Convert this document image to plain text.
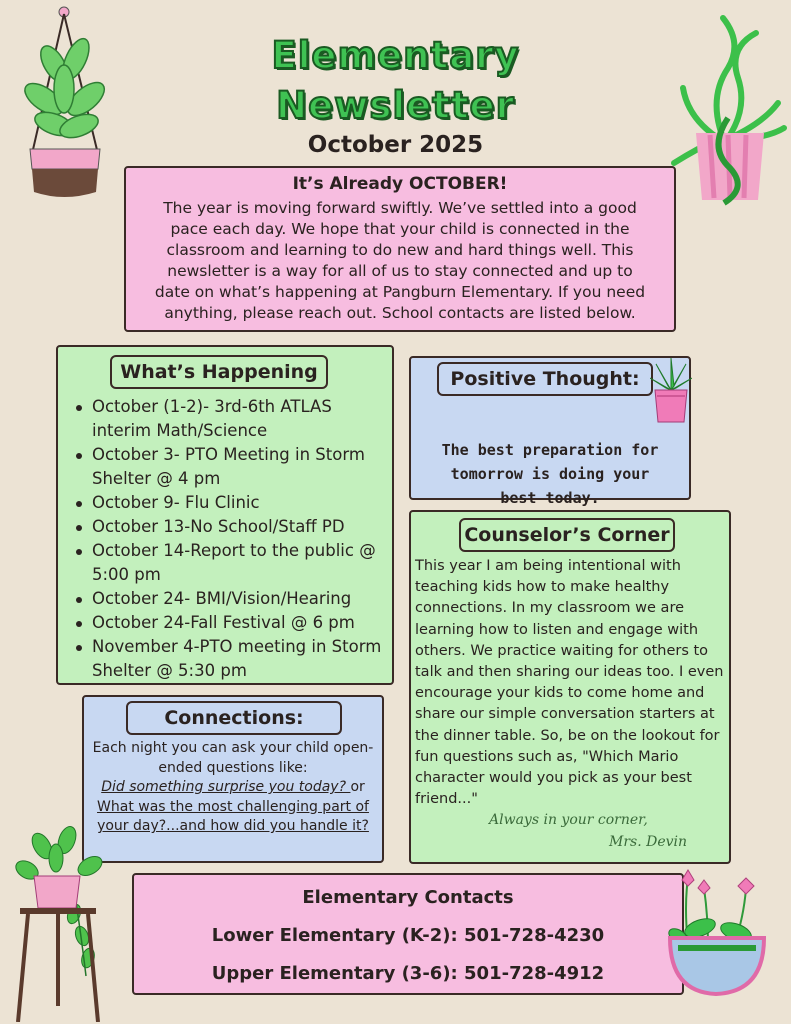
Elementary
Newsletter
October 2025
It’s Already OCTOBER!
The year is moving forward swiftly. We’ve settled into a good pace each day. We hope that your child is connected in the classroom and learning to do new and hard things well. This newsletter is a way for all of us to stay connected and up to date on what’s happening at Pangburn Elementary. If you need anything, please reach out. School contacts are listed below.
What’s Happening
October (1-2)- 3rd-6th ATLAS interim Math/Science
October 3- PTO Meeting in Storm Shelter @ 4 pm
October 9- Flu Clinic
October 13-No School/Staff PD
October 14-Report to the public @ 5:00 pm
October 24- BMI/Vision/Hearing
October 24-Fall Festival @ 6 pm
November 4-PTO meeting in Storm Shelter @ 5:30 pm
Positive Thought:
The best preparation for tomorrow is doing your best today.
Counselor’s Corner
This year I am being intentional with teaching kids how to make healthy connections. In my classroom we are learning how to listen and engage with others. We practice waiting for others to talk and then sharing our ideas too. I even encourage your kids to come home and share our simple conversation starters at the dinner table. So, be on the lookout for fun questions such as, "Which Mario character would you pick as your best friend..."
Always in your corner,
Mrs. Devin
Connections:
Each night you can ask your child open-ended questions like:
Did something surprise you today? or What was the most challenging part of your day?...and how did you handle it?
Elementary Contacts
Lower Elementary (K-2): 501-728-4230
Upper Elementary (3-6): 501-728-4912
